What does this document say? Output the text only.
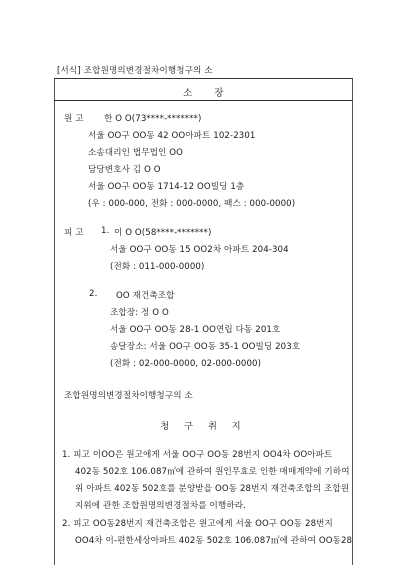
[서식] 조합원명의변경절차이행청구의 소
소 장
원 고 한 O O(73****-*******)
서울 OO구 OO동 42 OO아파트 102-2301
소송대리인 법무법인 OO
담당변호사 김 O O
서울 OO구 OO동 1714-12 OO빌딩 1층
(우 : 000-000, 전화 : 000-0000, 팩스 : 000-0000)
피 고 1. 이 O O(58****-*******)
서울 OO구 OO동 15 OO2차 아파트 204-304
(전화 : 011-000-0000)
2. OO 재건축조합
조합장: 정 O O
서울 OO구 OO동 28-1 OO연립 다동 201호
송달장소: 서울 OO구 OO동 35-1 OO빌딩 203호
(전화 : 02-000-0000, 02-000-0000)
조합원명의변경절차이행청구의 소
청 구 취 지
1. 피고 이OO은 원고에게 서울 OO구 OO동 28번지 OO4차 OO아파트
402동 502호 106.087㎡에 관하여 원인무효로 인한 매매계약에 기하여
위 아파트 402동 502호를 분양받을 OO동 28번지 재건축조합의 조합원
지위에 관한 조합원명의변경절차를 이행하라.
2. 피고 OO동28번지 재건축조합은 원고에게 서울 OO구 OO동 28번지
OO4차 이-편한세상아파트 402동 502호 106.087㎡에 관하여 OO동28
